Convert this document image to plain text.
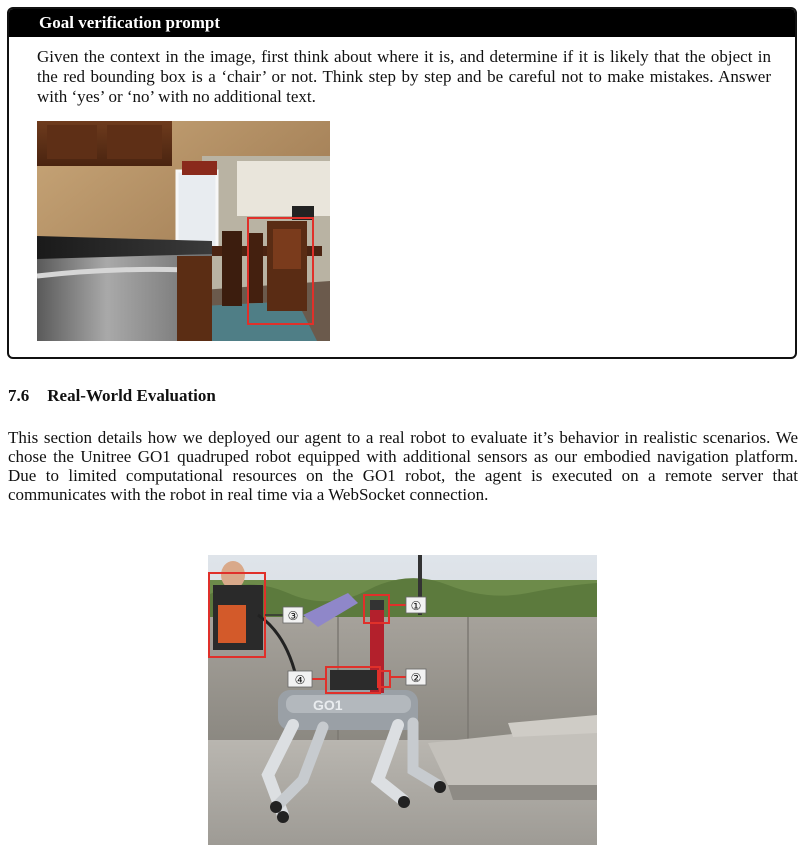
Goal verification prompt
Given the context in the image, first think about where it is, and determine if it is likely that the object in the red bounding box is a ‘chair’ or not. Think step by step and be careful not to make mistakes. Answer with ‘yes’ or ‘no’ with no additional text.
7.6 Real-World Evaluation
This section details how we deployed our agent to a real robot to evaluate it’s behavior in realistic scenarios. We chose the Unitree GO1 quadruped robot equipped with additional sensors as our embodied navigation platform. Due to limited computational resources on the GO1 robot, the agent is executed on a remote server that communicates with the robot in real time via a WebSocket connection.
GO1
①
②
③
④
